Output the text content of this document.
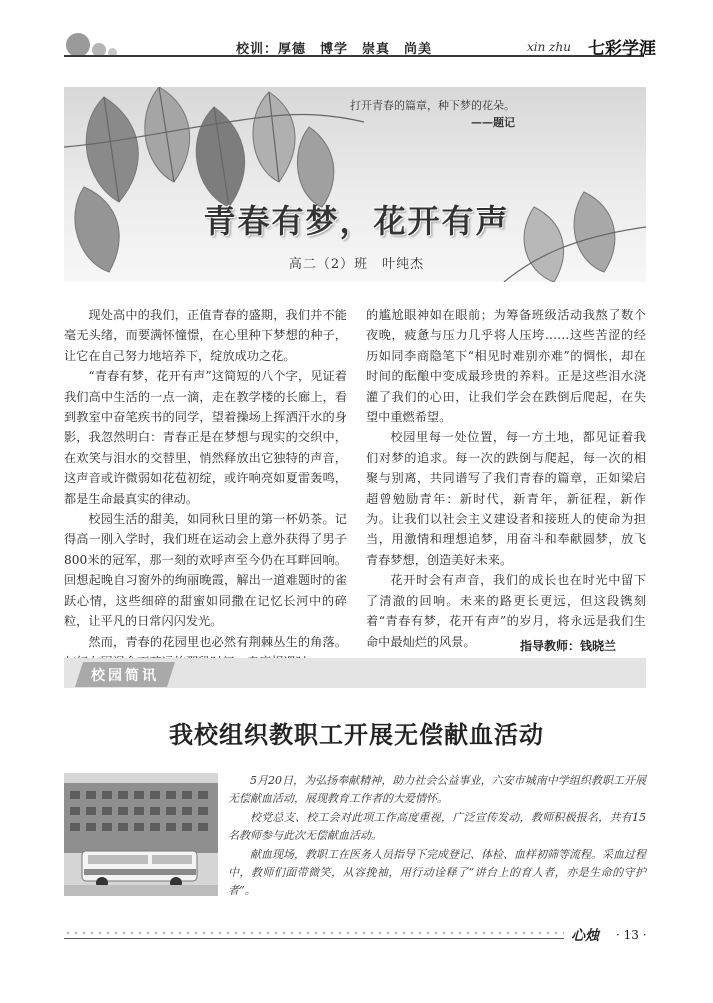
校训：厚德　博学　崇真　尚美	xin zhu 七彩学涯
打开青春的篇章，种下梦的花朵。
——题记
青春有梦，花开有声
高二（2）班　叶纯杰

现处高中的我们，正值青春的盛期，我们并不能毫无头绪，而要满怀憧憬，在心里种下梦想的种子，让它在自己努力地培养下，绽放成功之花。

“青春有梦，花开有声”这简短的八个字，见证着我们高中生活的一点一滴，走在教学楼的长廊上，看到教室中奋笔疾书的同学，望着操场上挥洒汗水的身影，我忽然明白：青春正是在梦想与现实的交织中，在欢笑与泪水的交替里，悄然释放出它独特的声音，这声音或许微弱如花苞初绽，或许响亮如夏雷轰鸣，都是生命最真实的律动。

校园生活的甜美，如同秋日里的第一杯奶茶。记得高一刚入学时，我们班在运动会上意外获得了男子800米的冠军，那一刻的欢呼声至今仍在耳畔回响。回想起晚自习窗外的绚丽晚霞，解出一道难题时的雀跃心情，这些细碎的甜蜜如同撒在记忆长河中的碎粒，让平凡的日常闪闪发光。

然而，青春的花园里也必然有荆棘丛生的角落。

的尴尬眼神如在眼前；为筹备班级活动我熬了数个夜晚，疲惫与压力几乎将人压垮……这些苦涩的经历如同李商隐笔下“相见时难别亦难”的惆怅，却在时间的酝酿中变成最珍贵的养料。正是这些泪水浇灌了我们的心田，让我们学会在跌倒后爬起，在失望中重燃希望。

校园里每一处位置，每一方土地，都见证着我们对梦的追求。每一次的跌倒与爬起，每一次的相聚与别离，共同谱写了我们青春的篇章，正如梁启超曾勉励青年：新时代，新青年，新征程，新作为。让我们以社会主义建设者和接班人的使命为担当，用激情和理想追梦，用奋斗和奉献圆梦，放飞青春梦想，创造美好未来。

花开时会有声音，我们的成长也在时光中留下了清澈的回响。未来的路更长更远，但这段镌刻着“青春有梦，花开有声”的岁月，将永远是我们生命中最灿烂的风景。	指导教师：钱晓兰
校园简讯
我校组织教职工开展无偿献血活动

5月20日，为弘扬奉献精神，助力社会公益事业，六安市城南中学组织教职工开展无偿献血活动，展现教育工作者的大爱情怀。

校党总支、校工会对此项工作高度重视，广泛宣传发动，教师积极报名，共有15名教师参与此次无偿献血活动。

献血现场，教职工在医务人员指导下完成登记、体检、血样初筛等流程。采血过程中，教师们面带微笑，从容挽袖，用行动诠释了“讲台上的育人者，亦是生命的守护者”。

心烛 · 13 ·
